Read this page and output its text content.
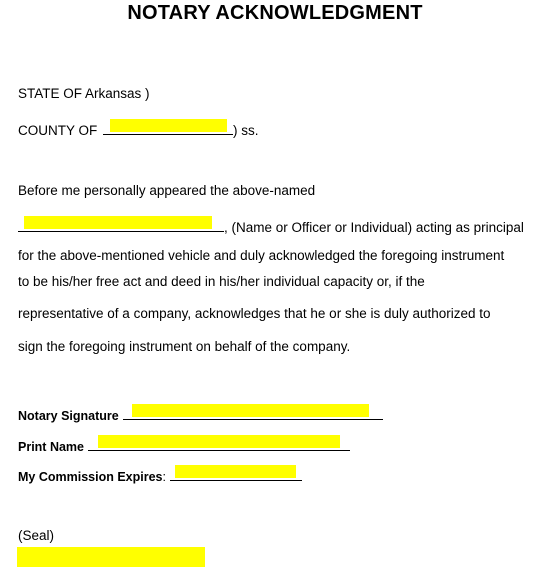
NOTARY ACKNOWLEDGMENT
STATE OF Arkansas )
COUNTY OF	) ss.
Before me personally appeared the above-named
, (Name or Officer or Individual) acting as principal
for the above-mentioned vehicle and duly acknowledged the foregoing instrument
to be his/her free act and deed in his/her individual capacity or, if the
representative of a company, acknowledges that he or she is duly authorized to
sign the foregoing instrument on behalf of the company.
Notary Signature
Print Name
My Commission Expires:
(Seal)
